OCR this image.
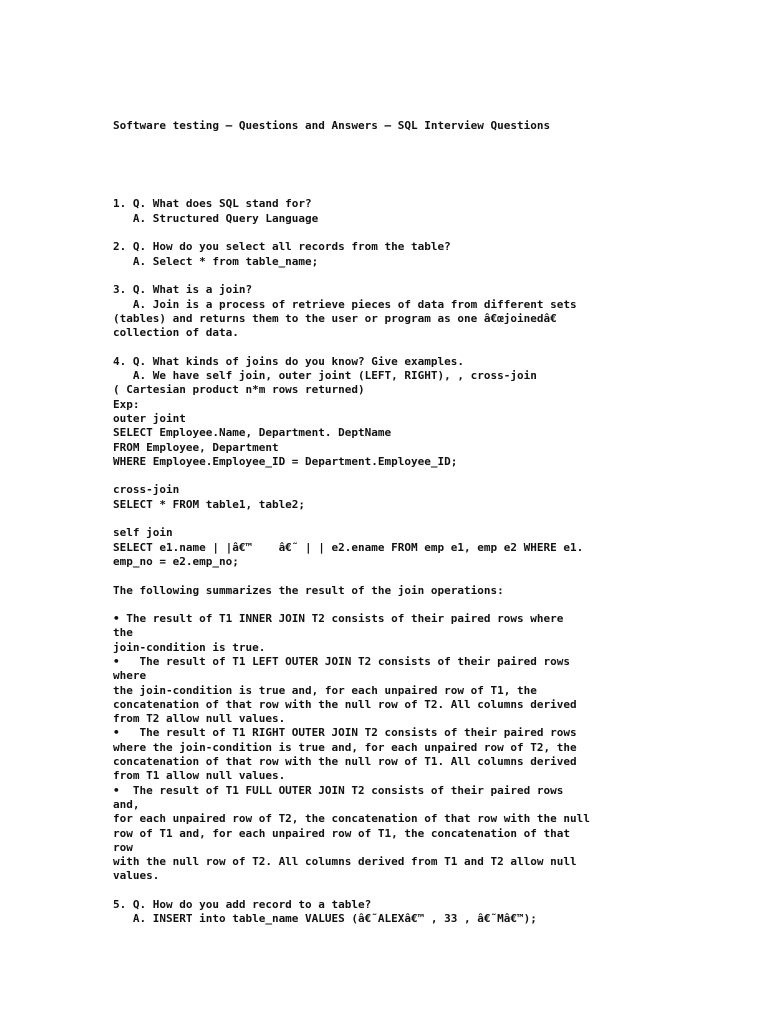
Software testing – Questions and Answers – SQL Interview Questions

1. Q. What does SQL stand for?
A. Structured Query Language
2. Q. How do you select all records from the table?
A. Select * from table_name;
3. Q. What is a join?
A. Join is a process of retrieve pieces of data from different sets
(tables) and returns them to the user or program as one â€œjoinedâ€
collection of data.
4. Q. What kinds of joins do you know? Give examples.
A. We have self join, outer joint (LEFT, RIGHT), , cross-join
( Cartesian product n*m rows returned)
Exp:
outer joint
SELECT Employee.Name, Department. DeptName
FROM Employee, Department
WHERE Employee.Employee_ID = Department.Employee_ID;
cross-join
SELECT * FROM table1, table2;
self join
SELECT e1.name | |â€™    â€˜ | | e2.ename FROM emp e1, emp e2 WHERE e1.
emp_no = e2.emp_no;
The following summarizes the result of the join operations:
• The result of T1 INNER JOIN T2 consists of their paired rows where
the
join-condition is true.
•   The result of T1 LEFT OUTER JOIN T2 consists of their paired rows
where
the join-condition is true and, for each unpaired row of T1, the
concatenation of that row with the null row of T2. All columns derived
from T2 allow null values.
•   The result of T1 RIGHT OUTER JOIN T2 consists of their paired rows
where the join-condition is true and, for each unpaired row of T2, the
concatenation of that row with the null row of T1. All columns derived
from T1 allow null values.
•  The result of T1 FULL OUTER JOIN T2 consists of their paired rows
and,
for each unpaired row of T2, the concatenation of that row with the null
row of T1 and, for each unpaired row of T1, the concatenation of that
row
with the null row of T2. All columns derived from T1 and T2 allow null
values.
5. Q. How do you add record to a table?
A. INSERT into table_name VALUES (â€˜ALEXâ€™ , 33 , â€˜Mâ€™);
